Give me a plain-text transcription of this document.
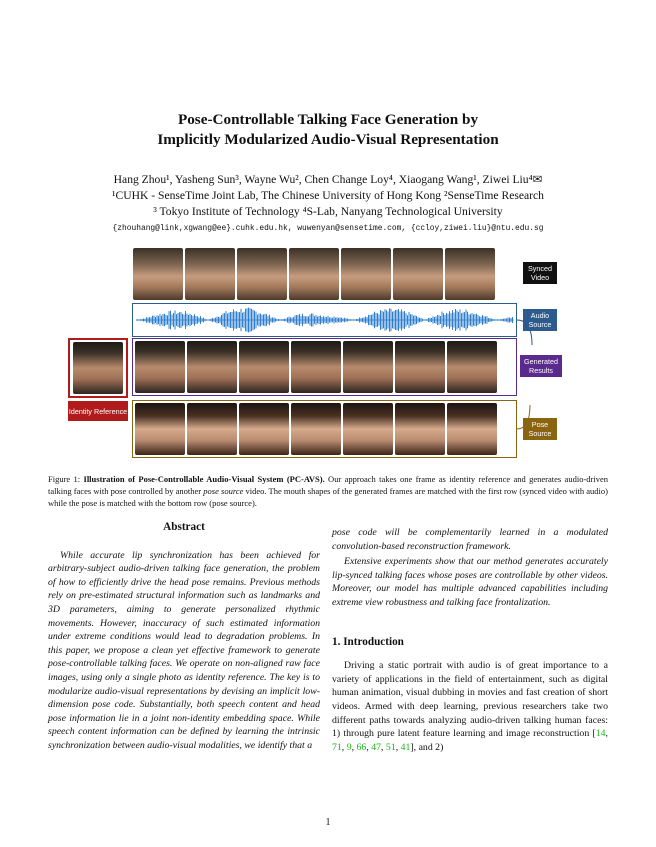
Pose-Controllable Talking Face Generation by
Implicitly Modularized Audio-Visual Representation
Hang Zhou¹, Yasheng Sun³, Wayne Wu², Chen Change Loy⁴, Xiaogang Wang¹, Ziwei Liu⁴✉
¹CUHK - SenseTime Joint Lab, The Chinese University of Hong Kong ²SenseTime Research
³ Tokyo Institute of Technology ⁴S-Lab, Nanyang Technological University
{zhouhang@link,xgwang@ee}.cuhk.edu.hk, wuwenyan@sensetime.com, {ccloy,ziwei.liu}@ntu.edu.sg
Synced Video
Audio Source
Identity Reference
Generated Results
Pose Source
Figure 1: Illustration of Pose-Controllable Audio-Visual System (PC-AVS). Our approach takes one frame as identity reference and generates audio-driven talking faces with pose controlled by another pose source video. The mouth shapes of the generated frames are matched with the first row (synced video with audio) while the pose is matched with the bottom row (pose source).
Abstract
While accurate lip synchronization has been achieved for arbitrary-subject audio-driven talking face generation, the problem of how to efficiently drive the head pose remains. Previous methods rely on pre-estimated structural information such as landmarks and 3D parameters, aiming to generate personalized rhythmic movements. However, inaccuracy of such estimated information under extreme conditions would lead to degradation problems. In this paper, we propose a clean yet effective framework to generate pose-controllable talking faces. We operate on non-aligned raw face images, using only a single photo as identity reference. The key is to modularize audio-visual representations by devising an implicit low-dimension pose code. Substantially, both speech content and head pose information lie in a joint non-identity embedding space. While speech content information can be defined by learning the intrinsic synchronization between audio-visual modalities, we identify that a
pose code will be complementarily learned in a modulated convolution-based reconstruction framework.
Extensive experiments show that our method generates accurately lip-synced talking faces whose poses are controllable by other videos. Moreover, our model has multiple advanced capabilities including extreme view robustness and talking face frontalization.
1. Introduction
Driving a static portrait with audio is of great importance to a variety of applications in the field of entertainment, such as digital human animation, visual dubbing in movies and fast creation of short videos. Armed with deep learning, previous researchers take two different paths towards analyzing audio-driven talking human faces: 1) through pure latent feature learning and image reconstruction [14, 71, 9, 66, 47, 51, 41], and 2)
1
